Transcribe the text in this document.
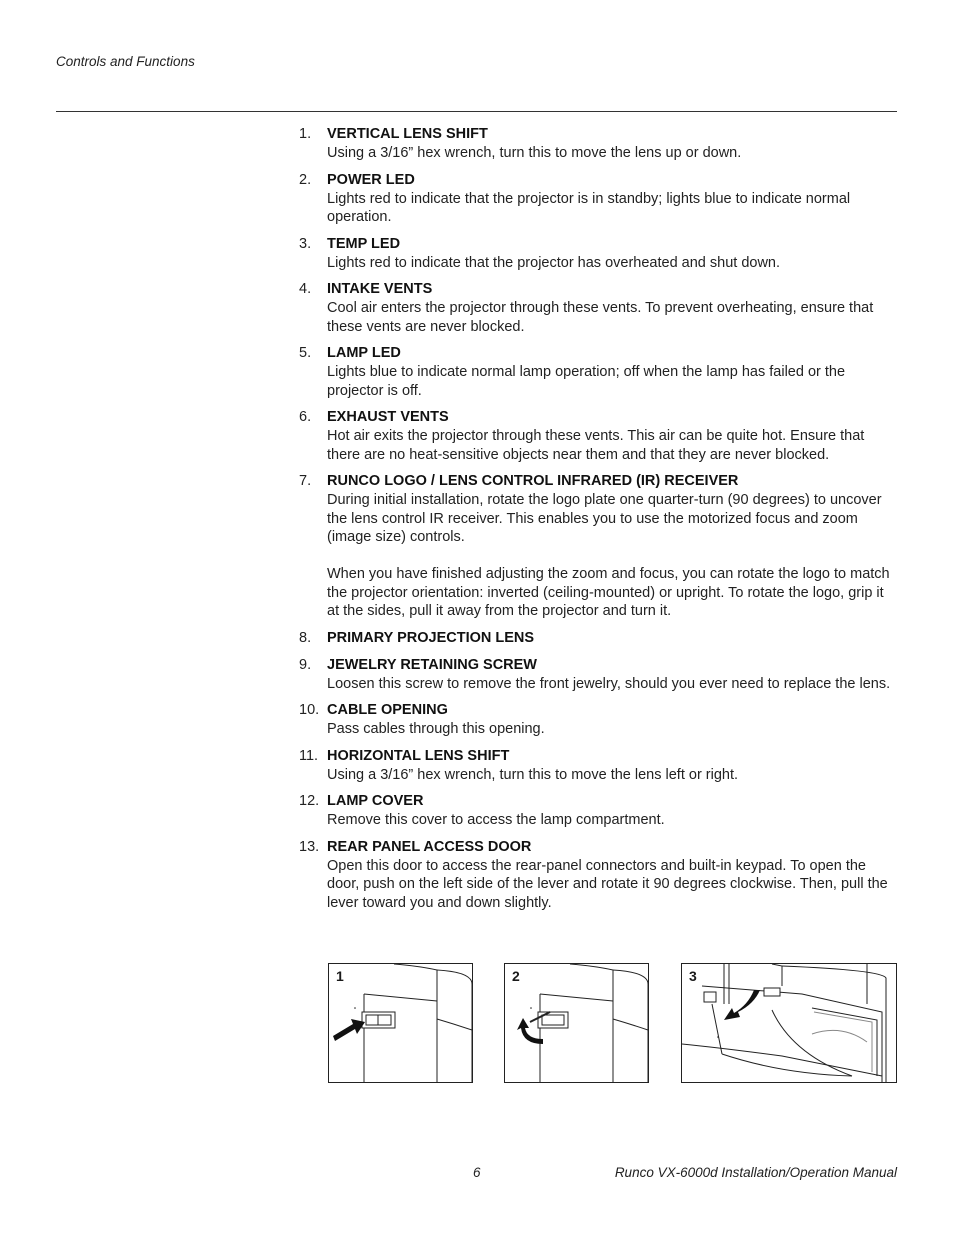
Controls and Functions
1. VERTICAL LENS SHIFT
Using a 3/16” hex wrench, turn this to move the lens up or down.
2. POWER LED
Lights red to indicate that the projector is in standby; lights blue to indicate normal operation.
3. TEMP LED
Lights red to indicate that the projector has overheated and shut down.
4. INTAKE VENTS
Cool air enters the projector through these vents. To prevent overheating, ensure that these vents are never blocked.
5. LAMP LED
Lights blue to indicate normal lamp operation; off when the lamp has failed or the projector is off.
6. EXHAUST VENTS
Hot air exits the projector through these vents. This air can be quite hot. Ensure that there are no heat-sensitive objects near them and that they are never blocked.
7. RUNCO LOGO / LENS CONTROL INFRARED (IR) RECEIVER
During initial installation, rotate the logo plate one quarter-turn (90 degrees) to uncover the lens control IR receiver. This enables you to use the motorized focus and zoom (image size) controls.
When you have finished adjusting the zoom and focus, you can rotate the logo to match the projector orientation: inverted (ceiling-mounted) or upright. To rotate the logo, grip it at the sides, pull it away from the projector and turn it.
8. PRIMARY PROJECTION LENS
9. JEWELRY RETAINING SCREW
Loosen this screw to remove the front jewelry, should you ever need to replace the lens.
10. CABLE OPENING
Pass cables through this opening.
11. HORIZONTAL LENS SHIFT
Using a 3/16” hex wrench, turn this to move the lens left or right.
12. LAMP COVER
Remove this cover to access the lamp compartment.
13. REAR PANEL ACCESS DOOR
Open this door to access the rear-panel connectors and built-in keypad. To open the door, push on the left side of the lever and rotate it 90 degrees clockwise. Then, pull the lever toward you and down slightly.
1	2	3
6	Runco VX-6000d Installation/Operation Manual
